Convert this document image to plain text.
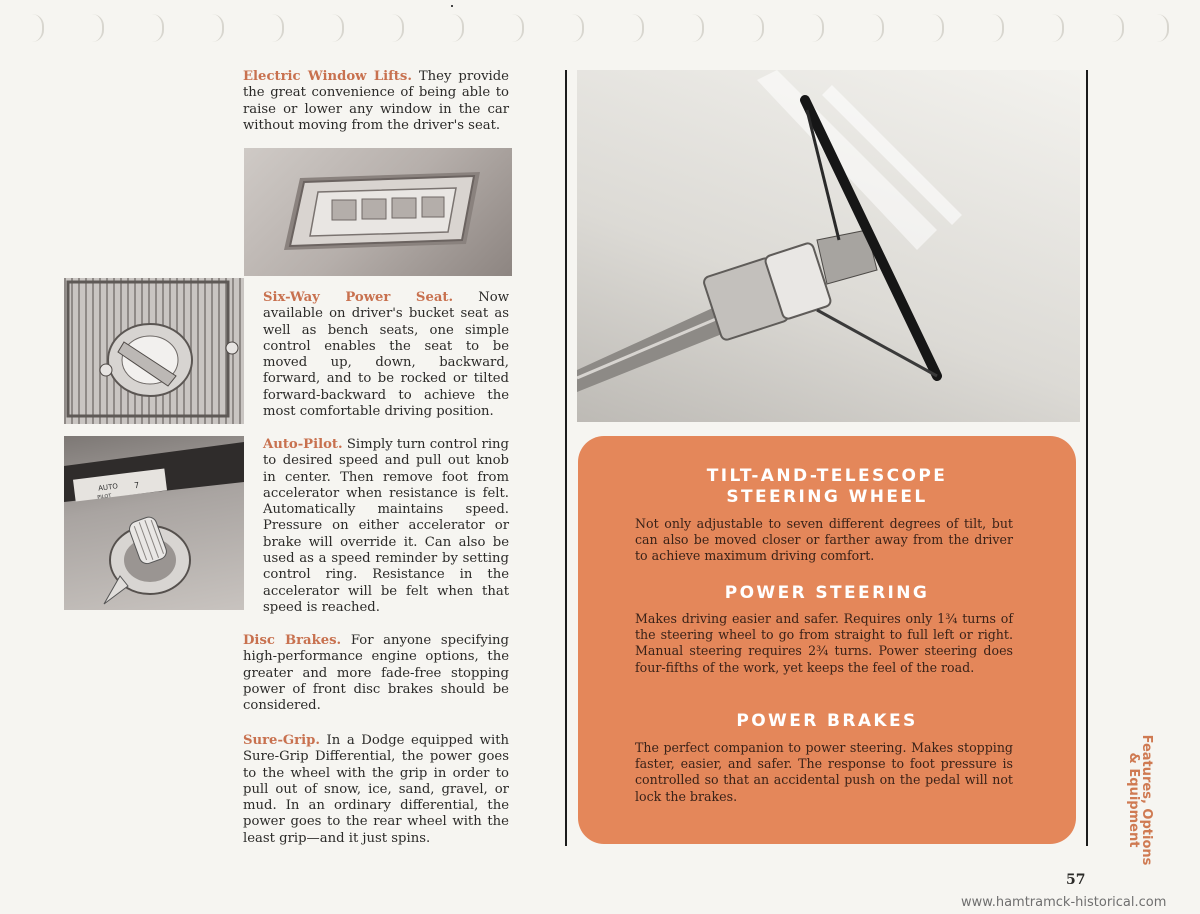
Electric Window Lifts. They provide the great convenience of being able to raise or lower any window in the car without moving from the driver's seat.

Six-Way Power Seat. Now available on driver's bucket seat as well as bench seats, one simple control enables the seat to be moved up, down, backward, forward, and to be rocked or tilted forward-backward to achieve the most comfortable driving position.

Auto-Pilot. Simply turn control ring to desired speed and pull out knob in center. Then remove foot from accelerator when resistance is felt. Automatically maintains speed. Pressure on either accelerator or brake will override it. Can also be used as a speed reminder by setting control ring. Resistance in the accelerator will be felt when that speed is reached.

Disc Brakes. For anyone specifying high-performance engine options, the greater and more fade-free stopping power of front disc brakes should be considered.

Sure-Grip. In a Dodge equipped with Sure-Grip Differential, the power goes to the wheel with the grip in order to pull out of snow, ice, sand, gravel, or mud. In an ordinary differential, the power goes to the rear wheel with the least grip—and it just spins.

AUTO
PILOT
7	TILT-AND-TELESCOPE

STEERING WHEEL

Not only adjustable to seven different degrees of tilt, but can also be moved closer or farther away from the driver to achieve maximum driving comfort.

POWER STEERING

Makes driving easier and safer. Requires only 1¾ turns of the steering wheel to go from straight to full left or right. Manual steering requires 2¾ turns. Power steering does four-fifths of the work, yet keeps the feel of the road.

POWER BRAKES

The perfect companion to power steering. Makes stopping faster, easier, and safer. The response to foot pressure is controlled so that an accidental push on the pedal will not lock the brakes.	Features, Options
& Equipment
57
www.hamtramck-historical.com
